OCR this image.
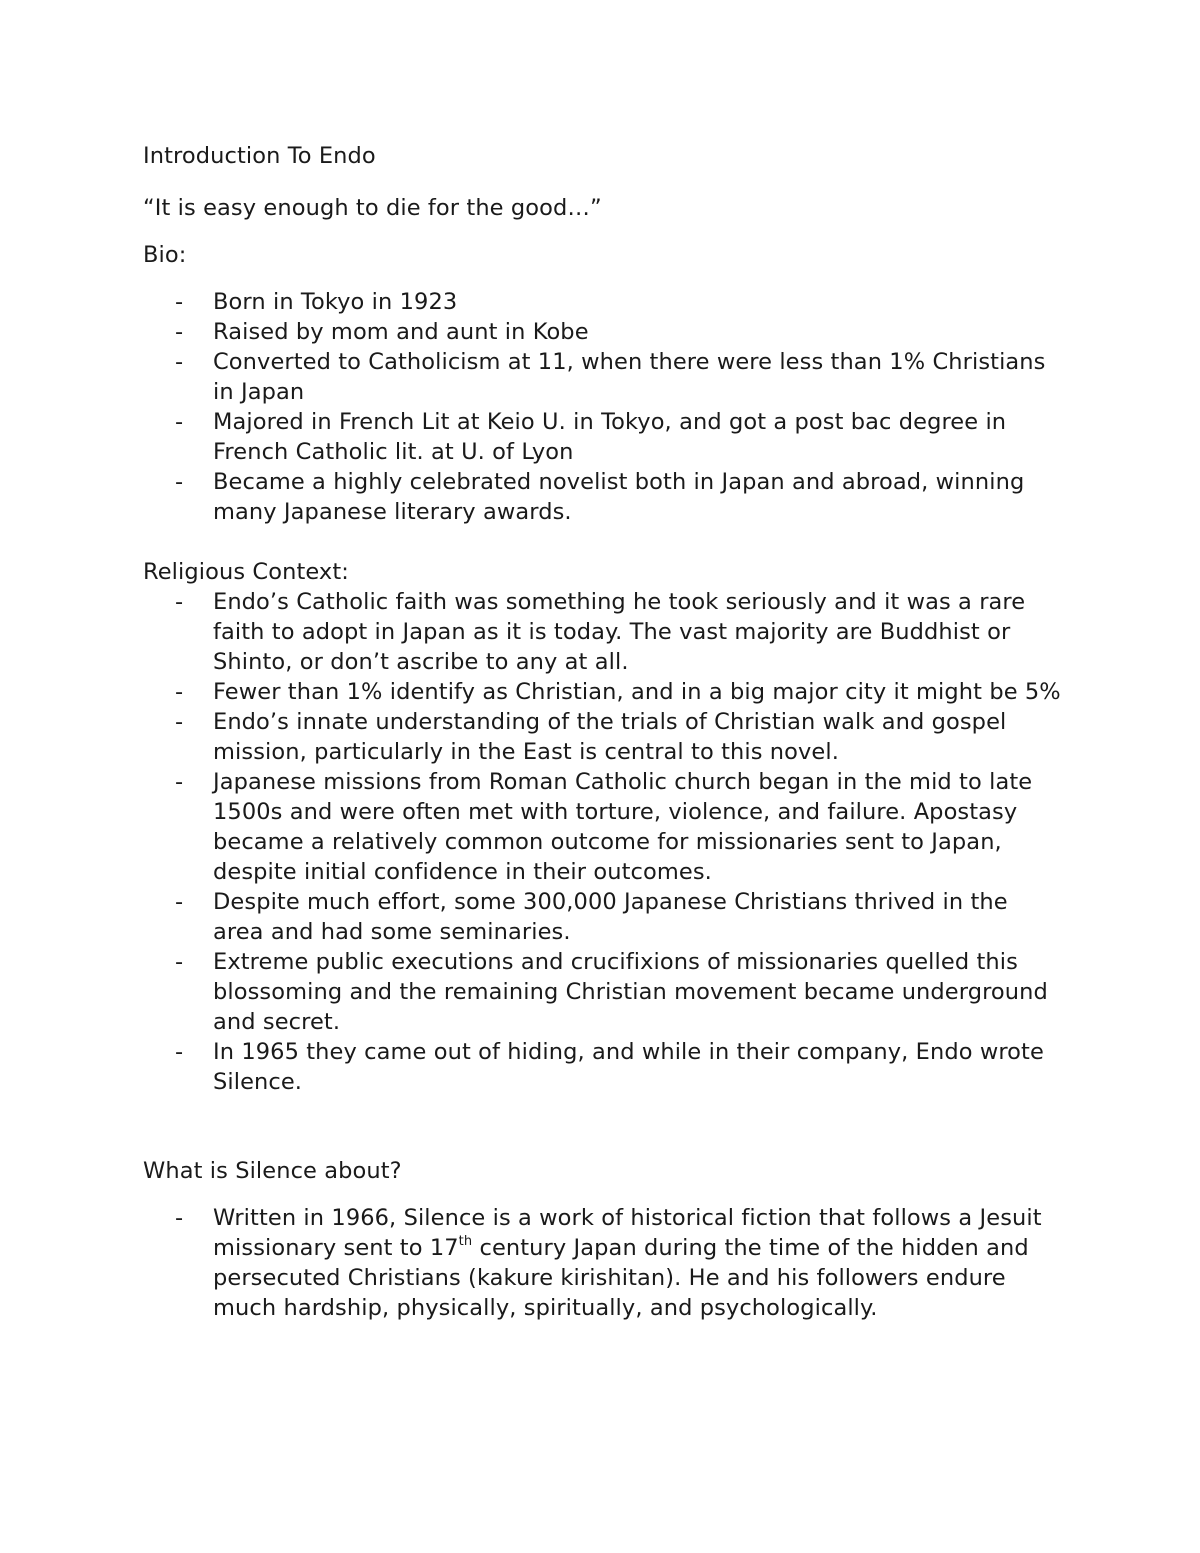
Introduction To Endo

“It is easy enough to die for the good…”

Bio:

- Born in Tokyo in 1923
- Raised by mom and aunt in Kobe
- Converted to Catholicism at 11, when there were less than 1% Christians in Japan
- Majored in French Lit at Keio U. in Tokyo, and got a post bac degree in French Catholic lit. at U. of Lyon
- Became a highly celebrated novelist both in Japan and abroad, winning many Japanese literary awards.

Religious Context:

- Endo’s Catholic faith was something he took seriously and it was a rare faith to adopt in Japan as it is today. The vast majority are Buddhist or Shinto, or don’t ascribe to any at all.
- Fewer than 1% identify as Christian, and in a big major city it might be 5%
- Endo’s innate understanding of the trials of Christian walk and gospel mission, particularly in the East is central to this novel.
- Japanese missions from Roman Catholic church began in the mid to late 1500s and were often met with torture, violence, and failure. Apostasy became a relatively common outcome for missionaries sent to Japan, despite initial confidence in their outcomes.
- Despite much effort, some 300,000 Japanese Christians thrived in the area and had some seminaries.
- Extreme public executions and crucifixions of missionaries quelled this blossoming and the remaining Christian movement became underground and secret.
- In 1965 they came out of hiding, and while in their company, Endo wrote Silence.

What is Silence about?

- Written in 1966, Silence is a work of historical fiction that follows a Jesuit missionary sent to 17th century Japan during the time of the hidden and persecuted Christians (kakure kirishitan). He and his followers endure much hardship, physically, spiritually, and psychologically.
